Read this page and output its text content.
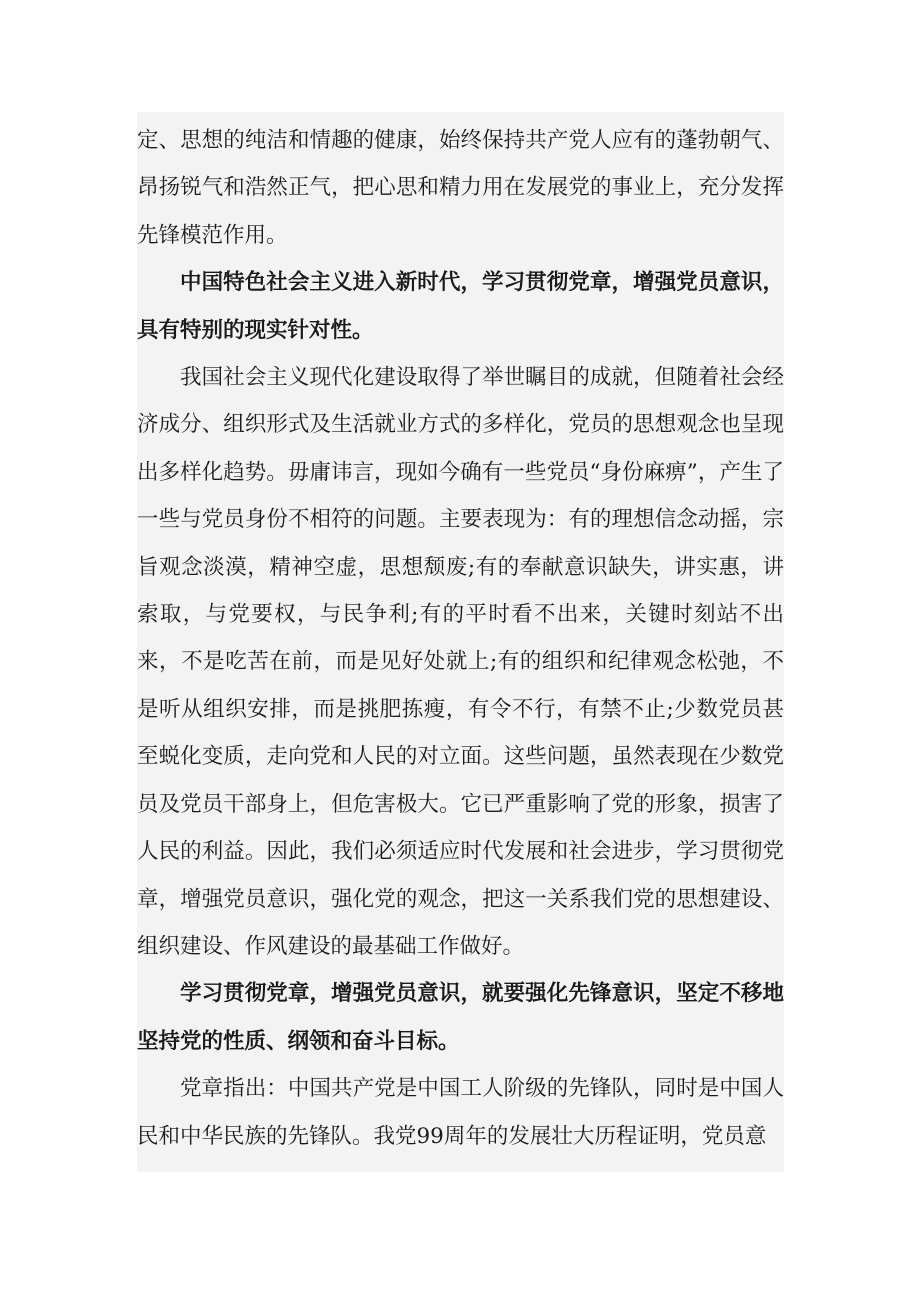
定、思想的纯洁和情趣的健康，始终保持共产党人应有的蓬勃朝气、昂扬锐气和浩然正气，把心思和精力用在发展党的事业上，充分发挥先锋模范作用。

中国特色社会主义进入新时代，学习贯彻党章，增强党员意识，具有特别的现实针对性。

我国社会主义现代化建设取得了举世瞩目的成就，但随着社会经济成分、组织形式及生活就业方式的多样化，党员的思想观念也呈现出多样化趋势。毋庸讳言，现如今确有一些党员“身份麻痹”，产生了一些与党员身份不相符的问题。主要表现为：有的理想信念动摇，宗旨观念淡漠，精神空虚，思想颓废;有的奉献意识缺失，讲实惠，讲索取，与党要权，与民争利;有的平时看不出来，关键时刻站不出来，不是吃苦在前，而是见好处就上;有的组织和纪律观念松弛，不是听从组织安排，而是挑肥拣瘦，有令不行，有禁不止;少数党员甚至蜕化变质，走向党和人民的对立面。这些问题，虽然表现在少数党员及党员干部身上，但危害极大。它已严重影响了党的形象，损害了人民的利益。因此，我们必须适应时代发展和社会进步，学习贯彻党章，增强党员意识，强化党的观念，把这一关系我们党的思想建设、组织建设、作风建设的最基础工作做好。

学习贯彻党章，增强党员意识，就要强化先锋意识，坚定不移地坚持党的性质、纲领和奋斗目标。

党章指出：中国共产党是中国工人阶级的先锋队，同时是中国人民和中华民族的先锋队。我党99周年的发展壮大历程证明，党员意
